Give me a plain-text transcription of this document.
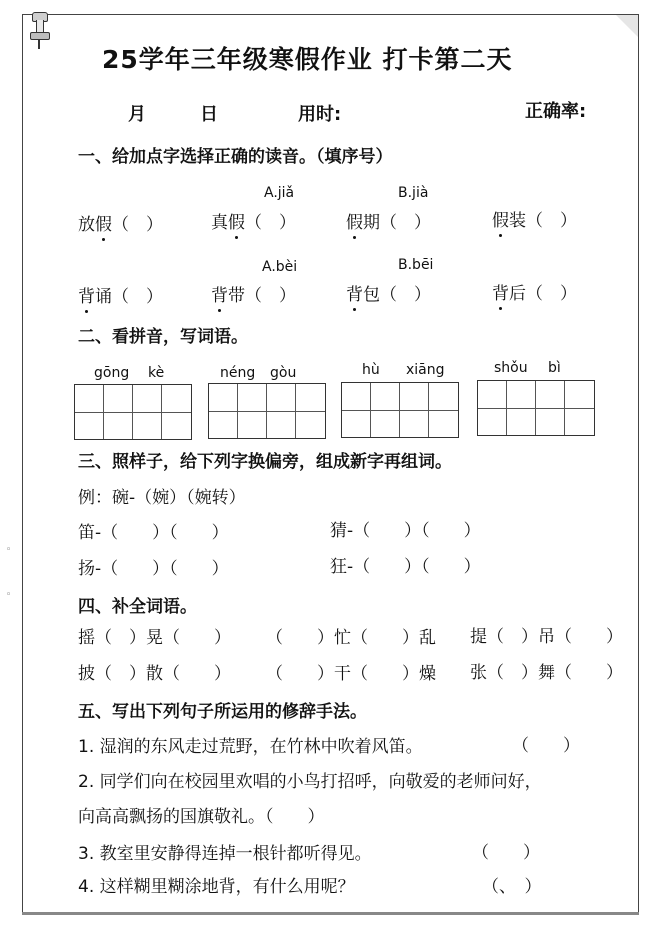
◦
◦
25学年三年级寒假作业 打卡第二天
月	日	用时:	正确率:
一、给加点字选择正确的读音。（填序号）
A.jiǎ	B.jià
放假（　）	真假（　）	假期（　）	假装（　）
A.bèi	B.bēi
背诵（　）	背带（　）	背包（　）	背后（　）
二、看拼音，写词语。
gōng kè	néng gòu	hù xiāng	shǒu bì
三、照样子，给下列字换偏旁，组成新字再组词。
例：碗-（婉）（婉转）
笛-（　　）（　　）	猜-（　　）（　　）
扬-（　　）（　　）	狂-（　　）（　　）
四、补全词语。
摇（　）晃（　　） （　　）忙（　　）乱 提（　）吊（　　）
披（　）散（　　） （　　）干（　　）燥 张（　）舞（　　）
五、写出下列句子所运用的修辞手法。
1. 湿润的东风走过荒野，在竹林中吹着风笛。	（　　）
2. 同学们向在校园里欢唱的小鸟打招呼，向敬爱的老师问好，
向高高飘扬的国旗敬礼。（　　）
3. 教室里安静得连掉一根针都听得见。	（　　）
4. 这样糊里糊涂地背，有什么用呢？	（、　）
